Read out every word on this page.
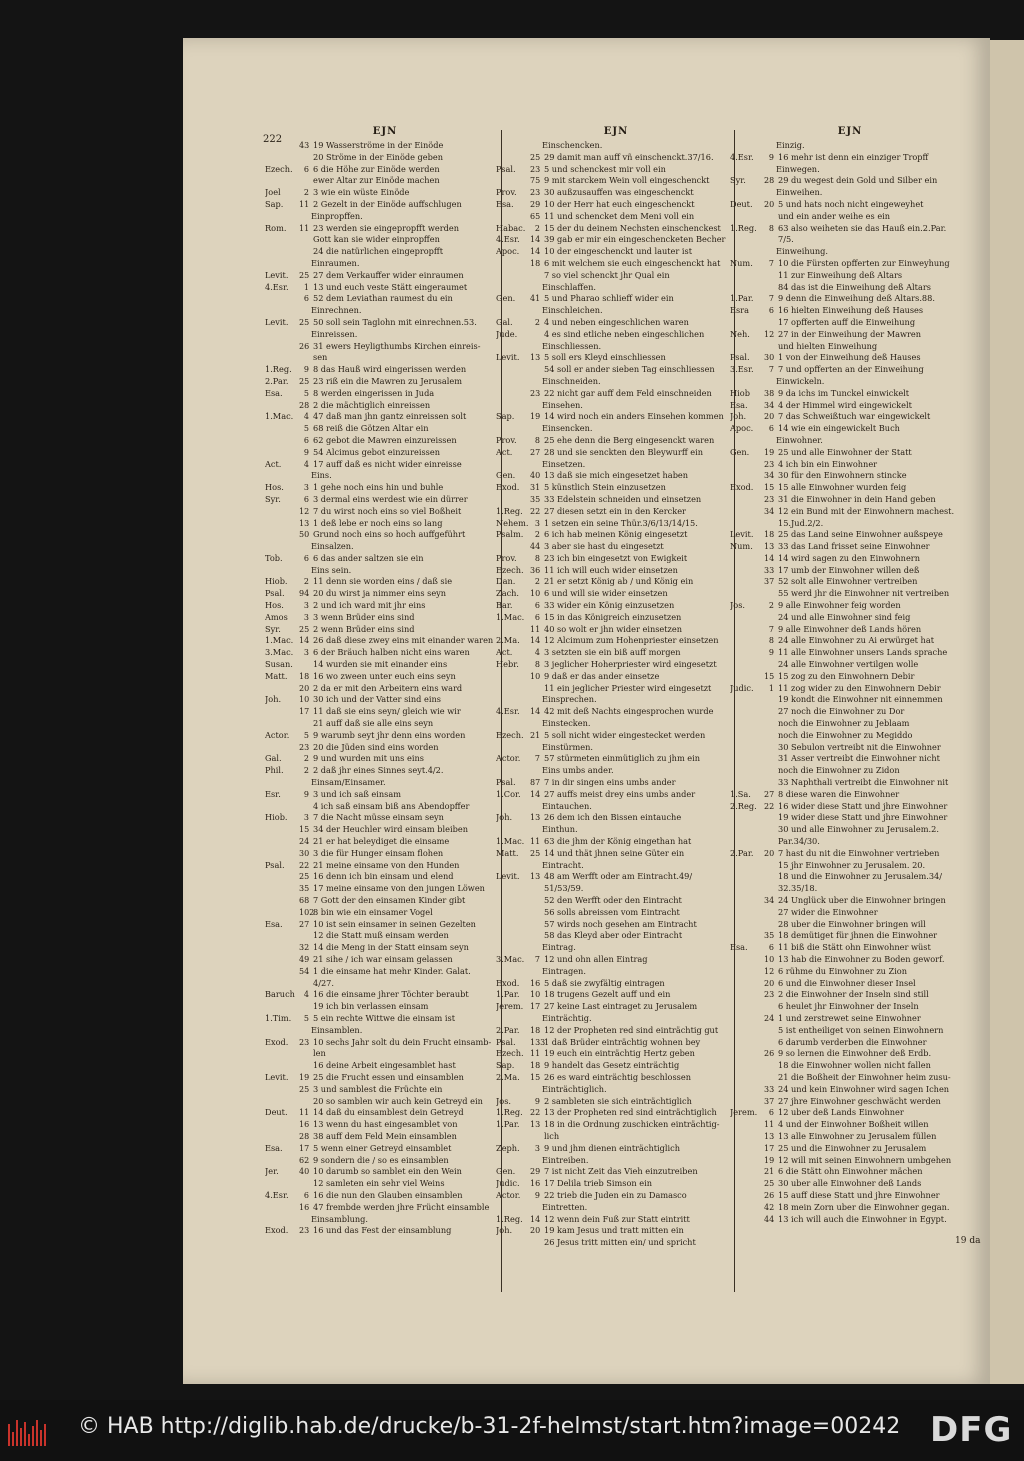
222
EJN
43 19 Wasserströme in der Einöde
20 Ströme in der Einöde geben
Ezech. 6 6 die Höhe zur Einöde werden
ewer Altar zur Einöde machen
Joel	2 3 wie ein wüste Einöde
Sap. 11 2 Gezelt in der Einöde auffschlugen
Einpropffen.
Rom. 11 23 werden sie eingepropfft werden
Gott kan sie wider einpropffen
24 die natürlichen eingepropfft
Einraumen.
Levit. 25 27 dem Verkauffer wider einraumen
4.Esr. 1 13 und euch veste Stätt eingeraumet
6 52 dem Leviathan raumest du ein
Einrechnen.
Levit. 25 50 soll sein Taglohn mit einrechnen.53.
Einreissen.
26 31 ewers Heyligthumbs Kirchen einreis-
sen
1.Reg. 9 8 das Hauß wird eingerissen werden
2.Par. 25 23 riß ein die Mawren zu Jerusalem
Esa.	5 8 werden eingerissen in Juda
28 2 die mächtiglich einreissen
1.Mac. 4 47 daß man jhn gantz einreissen solt
5 68 reiß die Götzen Altar ein
6 62 gebot die Mawren einzureissen
9 54 Alcimus gebot einzureissen
Act.	4 17 auff daß es nicht wider einreisse
Eins.
Hos.	3 1 gehe noch eins hin und buhle
Syr.	6 3 dermal eins werdest wie ein dürrer
12 7 du wirst noch eins so viel Boßheit
13 1 deß lebe er noch eins so lang
50 Grund noch eins so hoch auffgeführt
Einsalzen.
Tob.	6 6 das ander saltzen sie ein
Eins sein.
Hiob. 2 11 denn sie worden eins / daß sie
Psal. 94 20 du wirst ja nimmer eins seyn
Hos.	3 2 und ich ward mit jhr eins
Amos 3 3 wenn Brüder eins sind
Syr. 25 2 wenn Brüder eins sind
1.Mac. 14 26 daß diese zwey eins mit einander waren
3.Mac. 3 6 der Bräuch halben nicht eins waren
Susan. 14 wurden sie mit einander eins
Matt. 18 16 wo zween unter euch eins seyn
20 2 da er mit den Arbeitern eins ward
Joh. 10 30 ich und der Vatter sind eins
17 11 daß sie eins seyn/ gleich wie wir
21 auff daß sie alle eins seyn
Actor. 5 9 warumb seyt jhr denn eins worden
23 20 die Jüden sind eins worden
Gal.	2 9 und wurden mit uns eins
Phil.	2 2 daß jhr eines Sinnes seyt.4/2.
Einsam/Einsamer.
Esr.	9 3 und ich saß einsam
4 ich saß einsam biß ans Abendopffer
Hiob. 3 7 die Nacht müsse einsam seyn
15 34 der Heuchler wird einsam bleiben
24 21 er hat beleydiget die einsame
30 3 die für Hunger einsam flohen
Psal. 22 21 meine einsame von den Hunden
25 16 denn ich bin einsam und elend
35 17 meine einsame von den jungen Löwen
68 7 Gott der den einsamen Kinder gibt
1028 bin wie ein einsamer Vogel
Esa. 27 10 ist sein einsamer in seinen Gezelten
12 die Statt muß einsam werden
32 14 die Meng in der Statt einsam seyn
49 21 sihe / ich war einsam gelassen
54 1 die einsame hat mehr Kinder. Galat.
4/27.
Baruch 4 16 die einsame jhrer Töchter beraubt
19 ich bin verlassen einsam
1.Tim. 5 5 ein rechte Wittwe die einsam ist
Einsamblen.
Exod. 23 10 sechs Jahr solt du dein Frucht einsamb-
len
16 deine Arbeit eingesamblet hast
Levit. 19 25 die Frucht essen und einsamblen
25 3 und samblest die Früchte ein
20 so samblen wir auch kein Getreyd ein
Deut. 11 14 daß du einsamblest dein Getreyd
16 13 wenn du hast eingesamblet von
28 38 auff dem Feld Mein einsamblen
Esa. 17 5 wenn einer Getreyd einsamblet
62 9 sondern die / so es einsamblen
Jer.	40 10 darumb so samblet ein den Wein
12 samleten ein sehr viel Weins
4.Esr. 6 16 die nun den Glauben einsamblen
16 47 frembde werden jhre Frücht einsamble
Einsamblung.
Exod. 23 16 und das Fest der einsamblung
EJN
Einschencken.
25 29 damit man auff vñ einschenckt.37/16.
Psal. 23 5 und schenckest mir voll ein
75 9 mit starckem Wein voll eingeschenckt
Prov. 23 30 außzusauffen was eingeschenckt
Esa. 29 10 der Herr hat euch eingeschenckt
65 11 und schencket dem Meni voll ein
Habac. 2 15 der du deinem Nechsten einschenckest
4.Esr. 14 39 gab er mir ein eingeschencketen Becher
Apoc. 14 10 der eingeschenckt und lauter ist
18 6 mit welchem sie euch eingeschenckt hat
7 so viel schenckt jhr Qual ein
Einschlaffen.
Gen. 41 5 und Pharao schlieff wider ein
Einschleichen.
Gal.	2 4 und neben eingeschlichen waren
Jude.	4 es sind etliche neben eingeschlichen
Einschliessen.
Levit. 13 5 soll ers Kleyd einschliessen
54 soll er ander sieben Tag einschliessen
Einschneiden.
23 22 nicht gar auff dem Feld einschneiden
Einsehen.
Sap. 19 14 wird noch ein anders Einsehen kommen
Einsencken.
Prov. 8 25 ehe denn die Berg eingesenckt waren
Act. 27 28 und sie senckten den Bleywurff ein
Einsetzen.
Gen. 40 13 daß sie mich eingesetzet haben
Exod. 31 5 künstlich Stein einzusetzen
35 33 Edelstein schneiden und einsetzen
1.Reg. 22 27 diesen setzt ein in den Kercker
Nehem. 3 1 setzen ein seine Thür.3/6/13/14/15.
Psalm. 2 6 ich hab meinen König eingesetzt
44 3 aber sie hast du eingesetzt
Prov. 8 23 ich bin eingesetzt von Ewigkeit
Ezech. 36 11 ich will euch wider einsetzen
Dan. 2 21 er setzt König ab / und König ein
Zach. 10 6 und will sie wider einsetzen
Bar.	6 33 wider ein König einzusetzen
1.Mac. 6 15 in das Königreich einzusetzen
11 40 so wolt er jhn wider einsetzen
2.Ma. 14 12 Alcimum zum Hohenpriester einsetzen
Act.	4 3 setzten sie ein biß auff morgen
Hebr. 8 3 jeglicher Hoherpriester wird eingesetzt
10 9 daß er das ander einsetze
11 ein jeglicher Priester wird eingesetzt
Einsprechen.
4.Esr. 14 42 mit deß Nachts eingesprochen wurde
Einstecken.
Ezech. 21 5 soll nicht wider eingestecket werden
Einstürmen.
Actor. 7 57 stürmeten einmütiglich zu jhm ein
Eins umbs ander.
Psal. 87 7 in dir singen eins umbs ander
1.Cor. 14 27 auffs meist drey eins umbs ander
Eintauchen.
Joh. 13 26 dem ich den Bissen eintauche
Einthun.
1.Mac. 11 63 die jhm der König eingethan hat
Matt. 25 14 und thät jhnen seine Güter ein
Eintracht.
Levit. 13 48 am Werfft oder am Eintracht.49/
51/53/59.
52 den Werfft oder den Eintracht
56 solls abreissen vom Eintracht
57 wirds noch gesehen am Eintracht
58 das Kleyd aber oder Eintracht
Eintrag.
3.Mac. 7 12 und ohn allen Eintrag
Eintragen.
Exod. 16 5 daß sie zwyfältig eintragen
1.Par. 10 18 trugens Gezelt auff und ein
Jerem. 17 27 keine Last eintraget zu Jerusalem
Einträchtig.
2.Par. 18 12 der Propheten red sind einträchtig gut
Psal. 1331 daß Brüder einträchtig wohnen bey
Ezech. 11 19 euch ein einträchtig Hertz geben
Sap. 18 9 handelt das Gesetz einträchtig
2.Ma. 15 26 es ward einträchtig beschlossen
Einträchtiglich.
Jos.	9 2 sambleten sie sich einträchtiglich
1.Reg. 22 13 der Propheten red sind einträchtiglich
1.Par. 13 18 in die Ordnung zuschicken einträchtig-
lich
Zeph. 3 9 und jhm dienen einträchtiglich
Eintreiben.
Gen. 29 7 ist nicht Zeit das Vieh einzutreiben
Judic. 16 17 Delila trieb Simson ein
Actor. 9 22 trieb die Juden ein zu Damasco
Eintretten.
1.Reg. 14 12 wenn dein Fuß zur Statt eintritt
Joh. 20 19 kam Jesus und tratt mitten ein
26 Jesus tritt mitten ein/ und spricht
EJN
Einzig.
4.Esr. 9 16 mehr ist denn ein einziger Tropff
Einwegen.
Syr. 28 29 du wegest dein Gold und Silber ein
Einweihen.
Deut. 20 5 und hats noch nicht eingeweyhet
und ein ander weihe es ein
1.Reg. 8 63 also weiheten sie das Hauß ein.2.Par.
7/5.
Einweihung.
Num. 7 10 die Fürsten opfferten zur Einweyhung
11 zur Einweihung deß Altars
84 das ist die Einweihung deß Altars
1.Par. 7 9 denn die Einweihung deß Altars.88.
Esra 6 16 hielten Einweihung deß Hauses
17 opfferten auff die Einweihung
Neh. 12 27 in der Einweihung der Mawren
und hielten Einweihung
Psal. 30 1 von der Einweihung deß Hauses
3.Esr. 7 7 und opfferten an der Einweihung
Einwickeln.
Hiob 38 9 da ichs im Tunckel einwickelt
Esa. 34 4 der Himmel wird eingewickelt
Joh. 20 7 das Schweißtuch war eingewickelt
Apoc. 6 14 wie ein eingewickelt Buch
Einwohner.
Gen. 19 25 und alle Einwohner der Statt
23 4 ich bin ein Einwohner
34 30 für den Einwohnern stincke
Exod. 15 15 alle Einwohner wurden feig
23 31 die Einwohner in dein Hand geben
34 12 ein Bund mit der Einwohnern machest.
15.Jud.2/2.
Levit. 18 25 das Land seine Einwohner außspeye
Num. 13 33 das Land frisset seine Einwohner
14 14 wird sagen zu den Einwohnern
33 17 umb der Einwohner willen deß
37 52 solt alle Einwohner vertreiben
55 werd jhr die Einwohner nit vertreiben
Jos.	2 9 alle Einwohner feig worden
24 und alle Einwohner sind feig
7 9 alle Einwohner deß Lands hören
8 24 alle Einwohner zu Ai erwürget hat
9 11 alle Einwohner unsers Lands sprache
24 alle Einwohner vertilgen wolle
15 15 zog zu den Einwohnern Debir
Judic. 1 11 zog wider zu den Einwohnern Debir
19 kondt die Einwohner nit einnemmen
27 noch die Einwohner zu Dor
noch die Einwohner zu Jeblaam
noch die Einwohner zu Megiddo
30 Sebulon vertreibt nit die Einwohner
31 Asser vertreibt die Einwohner nicht
noch die Einwohner zu Zidon
33 Naphthali vertreibt die Einwohner nit
1.Sa. 27 8 diese waren die Einwohner
2.Reg. 22 16 wider diese Statt und jhre Einwohner
19 wider diese Statt und jhre Einwohner
30 und alle Einwohner zu Jerusalem.2.
Par.34/30.
2.Par. 20 7 hast du nit die Einwohner vertrieben
15 jhr Einwohner zu Jerusalem. 20.
18 und die Einwohner zu Jerusalem.34/
32.35/18.
34 24 Unglück uber die Einwohner bringen
27 wider die Einwohner
28 uber die Einwohner bringen will
35 18 demütiget für jhnen die Einwohner
Esa.	6 11 biß die Stätt ohn Einwohner wüst
10 13 hab die Einwohner zu Boden geworf.
12 6 rühme du Einwohner zu Zion
20 6 und die Einwohner dieser Insel
23 2 die Einwohner der Inseln sind still
6 heulet jhr Einwohner der Inseln
24 1 und zerstrewet seine Einwohner
5 ist entheiliget von seinen Einwohnern
6 darumb verderben die Einwohner
26 9 so lernen die Einwohner deß Erdb.
18 die Einwohner wollen nicht fallen
21 die Boßheit der Einwohner heim zusu-
33 24 und kein Einwohner wird sagen Ichen
37 27 jhre Einwohner geschwächt werden
Jerem. 6 12 uber deß Lands Einwohner
11 4 und der Einwohner Boßheit willen
13 13 alle Einwohner zu Jerusalem füllen
17 25 und die Einwohner zu Jerusalem
19 12 will mit seinen Einwohnern umbgehen
21 6 die Stätt ohn Einwohner mächen
25 30 uber alle Einwohner deß Lands
26 15 auff diese Statt und jhre Einwohner
42 18 mein Zorn uber die Einwohner gegan.
44 13 ich will auch die Einwohner in Egypt.
19 da
© HAB http://diglib.hab.de/drucke/b-31-2f-helmst/start.htm?image=00242 DFG
